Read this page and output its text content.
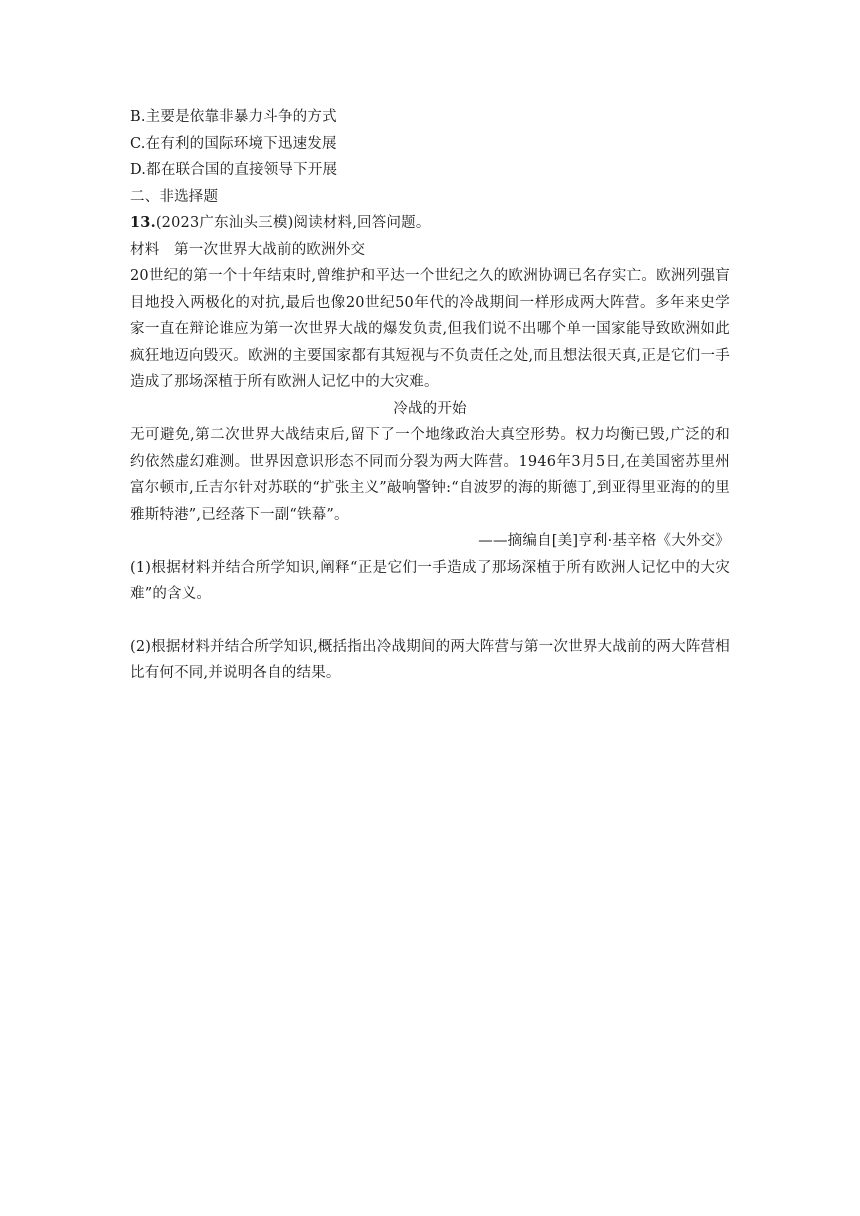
B.主要是依靠非暴力斗争的方式
C.在有利的国际环境下迅速发展
D.都在联合国的直接领导下开展
二、非选择题
13.(2023广东汕头三模)阅读材料,回答问题。
材料　第一次世界大战前的欧洲外交
20世纪的第一个十年结束时,曾维护和平达一个世纪之久的欧洲协调已名存实亡。欧洲列强盲目地投入两极化的对抗,最后也像20世纪50年代的冷战期间一样形成两大阵营。多年来史学家一直在辩论谁应为第一次世界大战的爆发负责,但我们说不出哪个单一国家能导致欧洲如此疯狂地迈向毁灭。欧洲的主要国家都有其短视与不负责任之处,而且想法很天真,正是它们一手造成了那场深植于所有欧洲人记忆中的大灾难。
冷战的开始
无可避免,第二次世界大战结束后,留下了一个地缘政治大真空形势。权力均衡已毁,广泛的和约依然虚幻难测。世界因意识形态不同而分裂为两大阵营。1946年3月5日,在美国密苏里州富尔顿市,丘吉尔针对苏联的“扩张主义”敲响警钟:“自波罗的海的斯德丁,到亚得里亚海的的里雅斯特港”,已经落下一副“铁幕”。
——摘编自[美]亨利·基辛格《大外交》
(1)根据材料并结合所学知识,阐释“正是它们一手造成了那场深植于所有欧洲人记忆中的大灾难”的含义。
(2)根据材料并结合所学知识,概括指出冷战期间的两大阵营与第一次世界大战前的两大阵营相比有何不同,并说明各自的结果。
